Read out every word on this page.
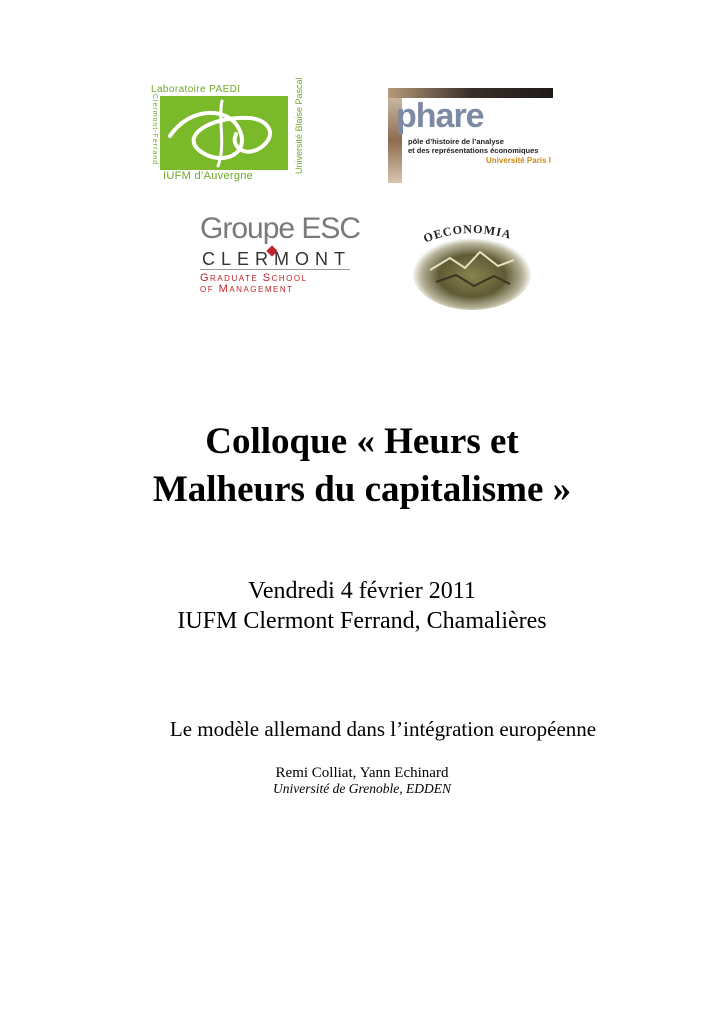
Laboratoire PAEDI
Clermont-Ferrand	Université Blaise Pascal
IUFM d’Auvergne
phare
pôle d’histoire de l’analyse
et des représentations économiques
Université Paris I
Groupe ESC
CLERMONT
Graduate School
of Management
OECONOMIA
Colloque « Heurs et
Malheurs du capitalisme »
Vendredi 4 février 2011
IUFM Clermont Ferrand, Chamalières
Le modèle allemand dans l’intégration européenne
Remi Colliat, Yann Echinard
Université de Grenoble, EDDEN
